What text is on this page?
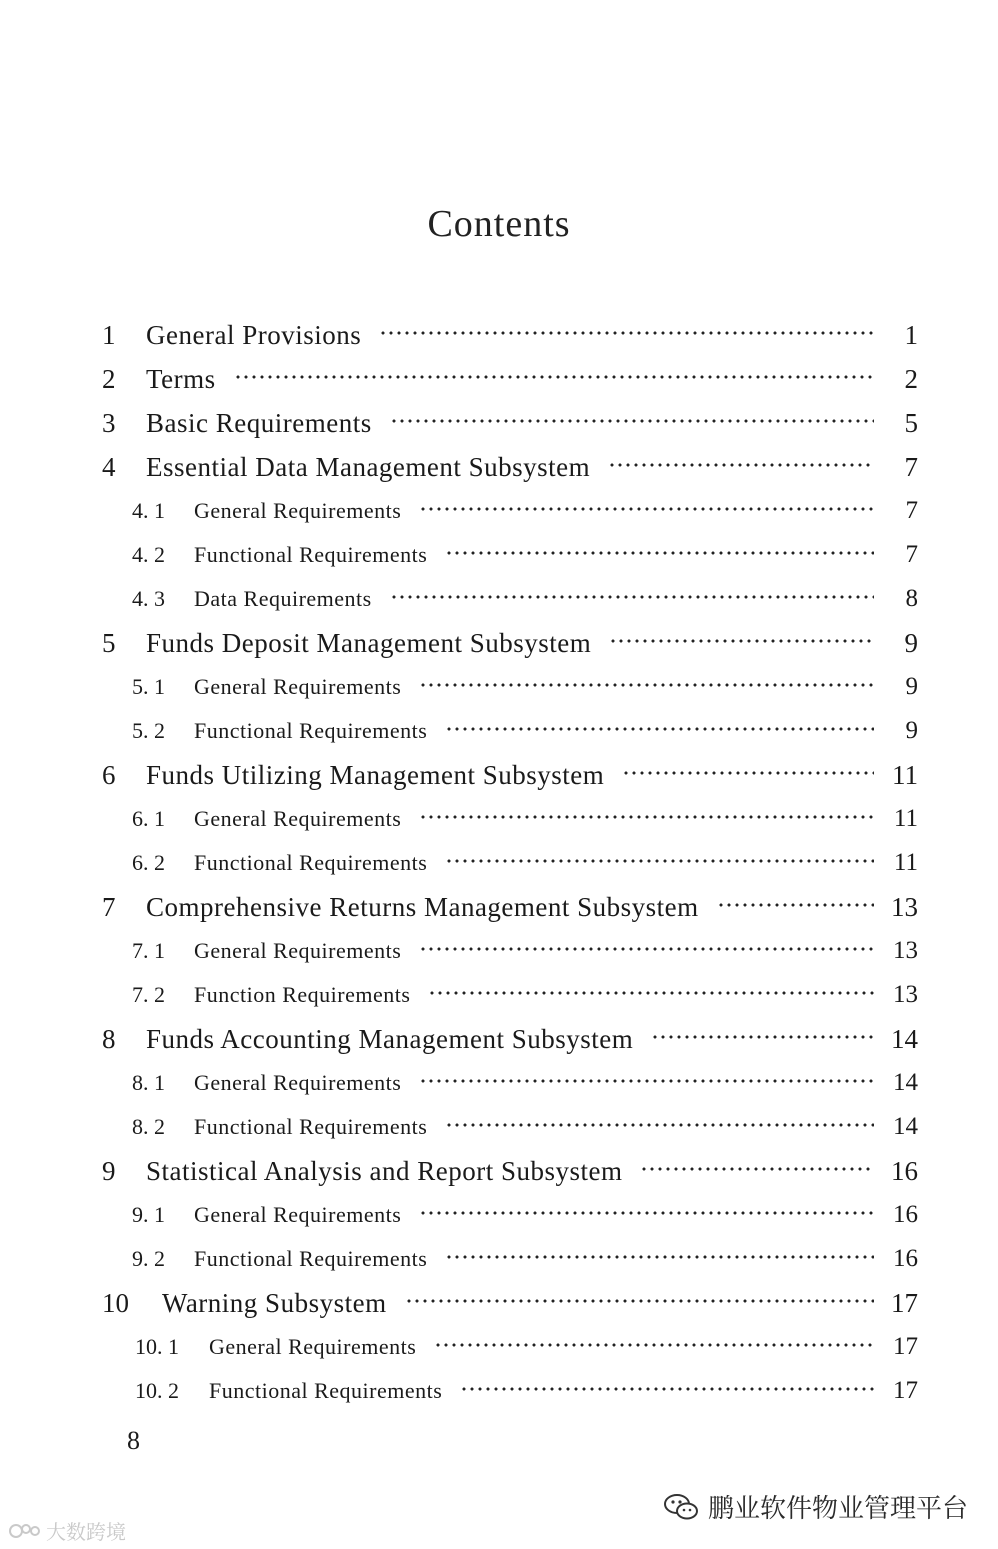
Contents
1	General Provisions	1
2	Terms	2
3	Basic Requirements	5
4	Essential Data Management Subsystem	7
4. 1	General Requirements	7
4. 2	Functional Requirements	7
4. 3	Data Requirements	8
5	Funds Deposit Management Subsystem	9
5. 1	General Requirements	9
5. 2	Functional Requirements	9
6	Funds Utilizing Management Subsystem	11
6. 1	General Requirements	11
6. 2	Functional Requirements	11
7	Comprehensive Returns Management Subsystem	13
7. 1	General Requirements	13
7. 2	Function Requirements	13
8	Funds Accounting Management Subsystem	14
8. 1	General Requirements	14
8. 2	Functional Requirements	14
9	Statistical Analysis and Report Subsystem	16
9. 1	General Requirements	16
9. 2	Functional Requirements	16
10	Warning Subsystem	17
10. 1	General Requirements	17
10. 2	Functional Requirements	17
8
大数跨境
鹏业软件物业管理平台
